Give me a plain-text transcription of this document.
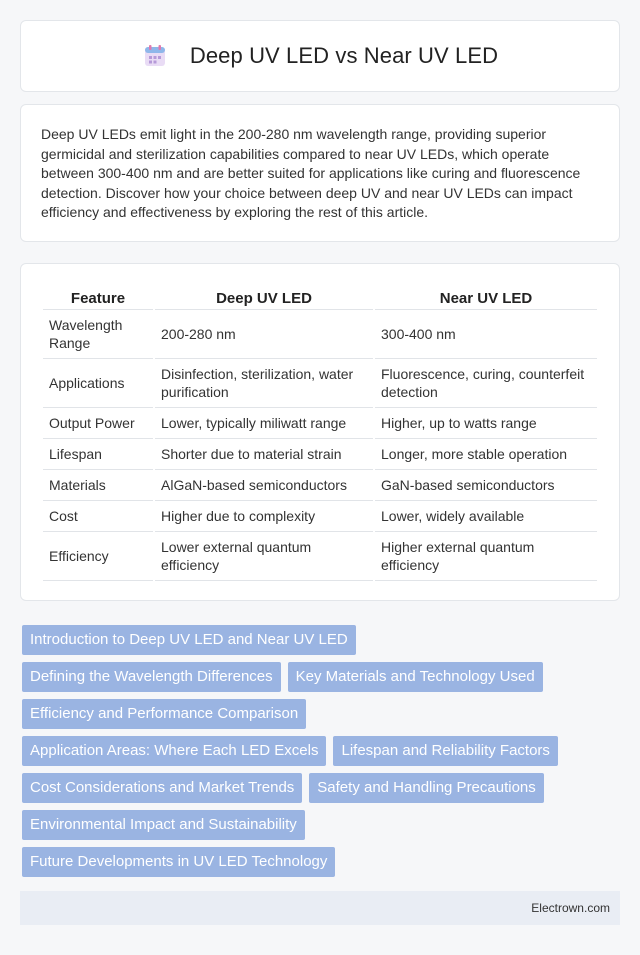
Deep UV LED vs Near UV LED

Deep UV LEDs emit light in the 200-280 nm wavelength range, providing superior germicidal and sterilization capabilities compared to near UV LEDs, which operate between 300-400 nm and are better suited for applications like curing and fluorescence detection. Discover how your choice between deep UV and near UV LEDs can impact efficiency and effectiveness by exploring the rest of this article.

Feature	Deep UV LED	Near UV LED
Wavelength Range	200-280 nm	300-400 nm
Applications	Disinfection, sterilization, water purification	Fluorescence, curing, counterfeit detection
Output Power	Lower, typically miliwatt range	Higher, up to watts range
Lifespan	Shorter due to material strain	Longer, more stable operation
Materials	AlGaN-based semiconductors	GaN-based semiconductors
Cost	Higher due to complexity	Lower, widely available
Efficiency	Lower external quantum efficiency	Higher external quantum efficiency
Introduction to Deep UV LED and Near UV LED
Defining the Wavelength Differences	Key Materials and Technology Used
Efficiency and Performance Comparison
Application Areas: Where Each LED Excels	Lifespan and Reliability Factors
Cost Considerations and Market Trends	Safety and Handling Precautions
Environmental Impact and Sustainability
Future Developments in UV LED Technology
Electrown.com
